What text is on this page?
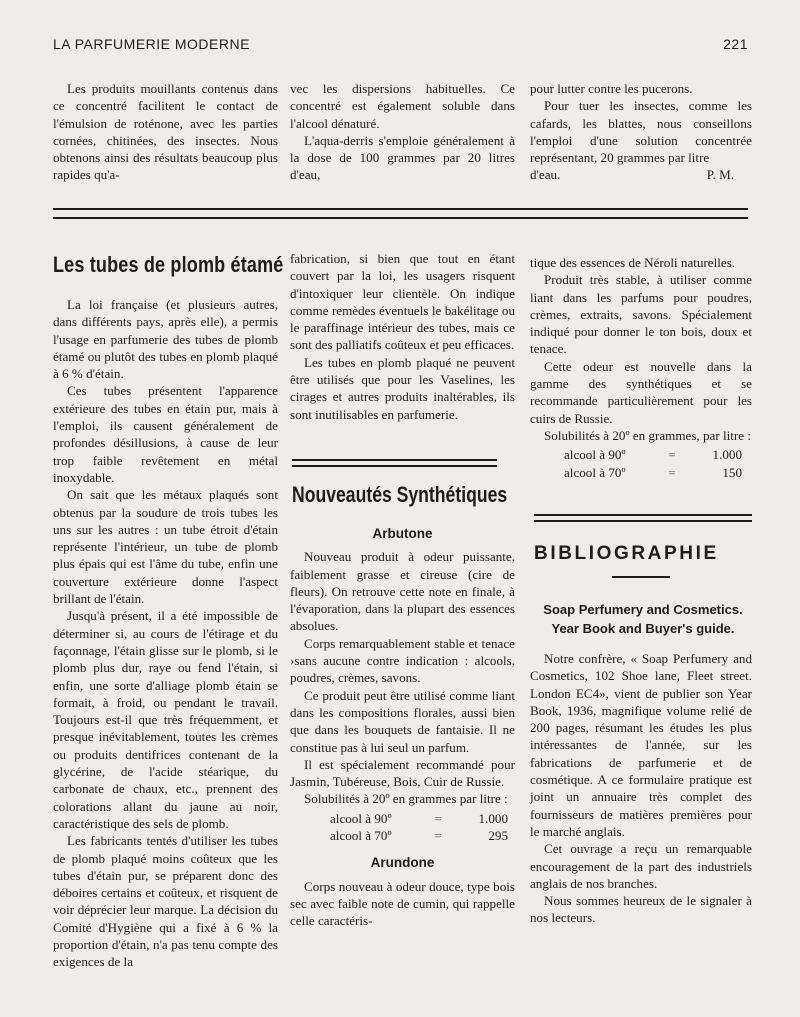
LA PARFUMERIE MODERNE	221

Les produits mouillants contenus dans ce concentré facilitent le contact de l'émulsion de roténone, avec les parties cornées, chitinées, des insectes. Nous obtenons ainsi des résultats beaucoup plus rapides qu'a-

vec les dispersions habituelles. Ce concentré est également soluble dans l'alcool dénaturé.

L'aqua-derris s'emploie généralement à la dose de 100 grammes par 20 litres d'eau,

pour lutter contre les pucerons.

Pour tuer les insectes, comme les cafards, les blattes, nous conseillons l'emploi d'une solution concentrée représentant, 20 grammes par litre

d'eau.	P. M.
Les tubes de plomb étamé

La loi française (et plusieurs autres, dans différents pays, après elle), a permis l'usage en parfumerie des tubes de plomb étamé ou plutôt des tubes en plomb plaqué à 6 % d'étain.

Ces tubes présentent l'apparence extérieure des tubes en étain pur, mais à l'emploi, ils causent généralement de profondes désillusions, à cause de leur trop faible revêtement en métal inoxydable.

On sait que les métaux plaqués sont obtenus par la soudure de trois tubes les uns sur les autres : un tube étroit d'étain représente l'intérieur, un tube de plomb plus épais qui est l'âme du tube, enfin une couverture extérieure donne l'aspect brillant de l'étain.

Jusqu'à présent, il a été impossible de déterminer si, au cours de l'étirage et du façonnage, l'étain glisse sur le plomb, si le plomb plus dur, raye ou fend l'étain, si enfin, une sorte d'alliage plomb étain se formait, à froid, ou pendant le travail. Toujours est-il que très fréquemment, et presque inévitablement, toutes les crèmes ou produits dentifrices contenant de la glycérine, de l'acide stéarique, du carbonate de chaux, etc., prennent des colorations allant du jaune au noir, caractéristique des sels de plomb.

Les fabricants tentés d'utiliser les tubes de plomb plaqué moins coûteux que les tubes d'étain pur, se préparent donc des déboires certains et coûteux, et risquent de voir déprécier leur marque. La décision du Comité d'Hygiène qui a fixé à 6 % la proportion d'étain, n'a pas tenu compte des exigences de la

fabrication, si bien que tout en étant couvert par la loi, les usagers risquent d'intoxiquer leur clientèle. On indique comme remèdes éventuels le bakélitage ou le paraffinage intérieur des tubes, mais ce sont des palliatifs coûteux et peu efficaces.

Les tubes en plomb plaqué ne peuvent être utilisés que pour les Vaselines, les cirages et autres produits inaltérables, ils sont inutilisables en parfumerie.

Nouveautés Synthétiques
Arbutone

Nouveau produit à odeur puissante, faiblement grasse et cireuse (cire de fleurs). On retrouve cette note en finale, à l'évaporation, dans la plupart des essences absolues.

Corps remarquablement stable et tenace ›sans aucune contre indication : alcools, poudres, crèmes, savons.

Ce produit peut être utilisé comme liant dans les compositions florales, aussi bien que dans les bouquets de fantaisie. Il ne constitue pas à lui seul un parfum.

Il est spécialement recommandé pour Jasmin, Tubéreuse, Bois, Cuir de Russie.

Solubilités à 20º en grammes par litre :

alcool à 90º	=	1.000
alcool à 70º	=	295
Arundone

Corps nouveau à odeur douce, type bois sec avec faible note de cumin, qui rappelle celle caractéris-

tique des essences de Néroli naturelles.

Produit très stable, à utiliser comme liant dans les parfums pour poudres, crèmes, extraits, savons. Spécialement indiqué pour donner le ton bois, doux et tenace.

Cette odeur est nouvelle dans la gamme des synthétiques et se recommande particulièrement pour les cuirs de Russie.

Solubilités à 20º en grammes, par litre :

alcool à 90º	=	1.000
alcool à 70º	=	150
BIBLIOGRAPHIE
Soap Perfumery and Cosmetics.
Year Book and Buyer's guide.

Notre confrère, « Soap Perfumery and Cosmetics, 102 Shoe lane, Fleet street. London EC4», vient de publier son Year Book, 1936, magnifique volume relié de 200 pages, résumant les études les plus intéressantes de l'année, sur les fabrications de parfumerie et de cosmétique. A ce formulaire pratique est joint un annuaire très complet des fournisseurs de matières premières pour le marché anglais.

Cet ouvrage a reçu un remarquable encouragement de la part des industriels anglais de nos branches.

Nous sommes heureux de le signaler à nos lecteurs.
